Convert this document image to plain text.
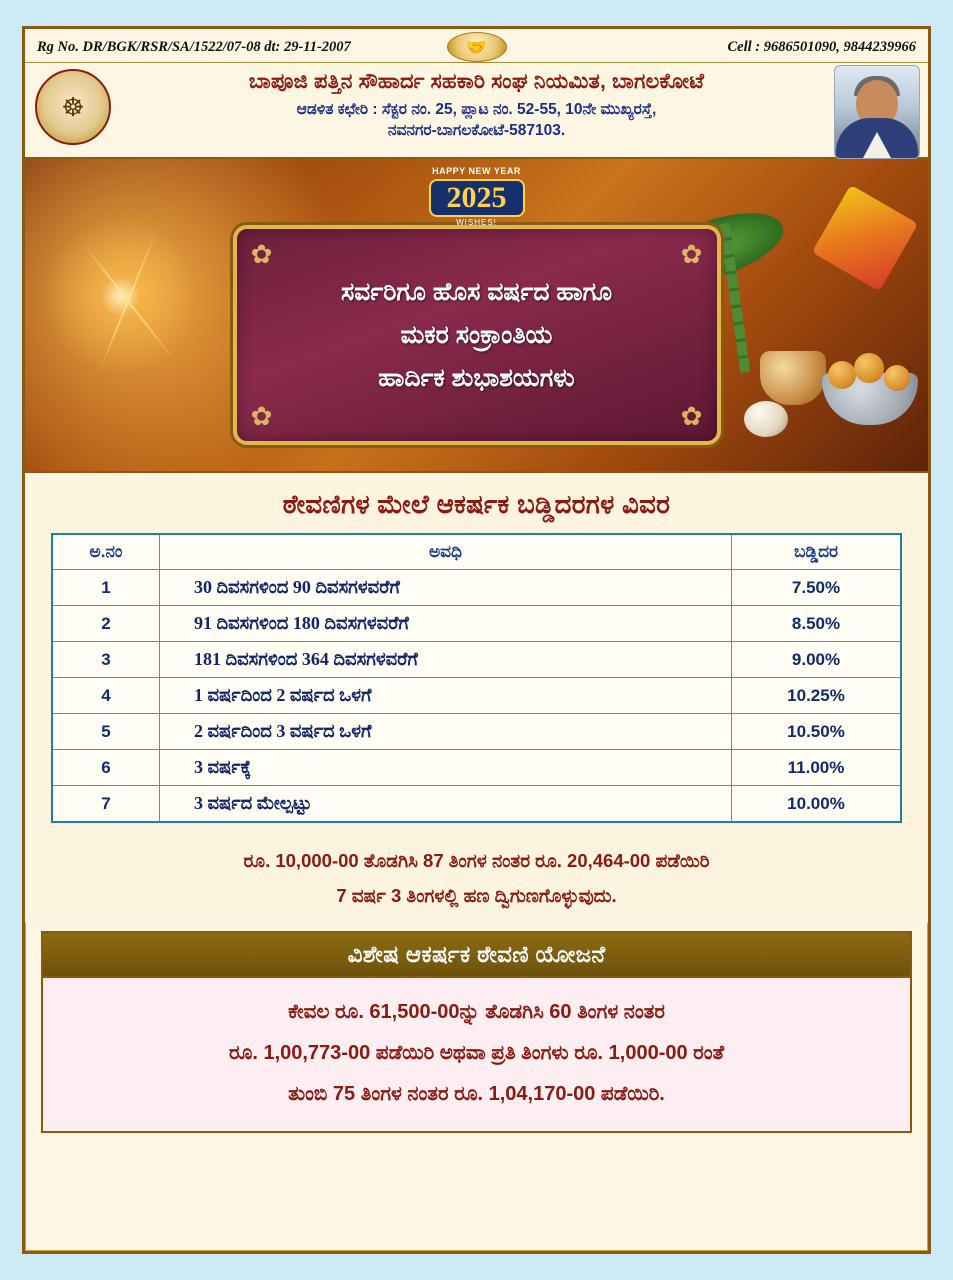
Rg No. DR/BGK/RSR/SA/1522/07-08 dt: 29-11-2007	🤝	Cell : 9686501090, 9844239966
☸
ಬಾಪೂಜಿ ಪತ್ತಿನ ಸೌಹಾರ್ದ ಸಹಕಾರಿ ಸಂಘ ನಿಯಮಿತ, ಬಾಗಲಕೋಟೆ
ಆಡಳಿತ ಕಛೇರಿ : ಸೆಕ್ಟರ ನಂ. 25, ಪ್ಲಾಟ ನಂ. 52-55, 10ನೇ ಮುಖ್ಯರಸ್ತೆ,
ನವನಗರ-ಬಾಗಲಕೋಟೆ-587103.
HAPPY NEW YEAR
2025
WISHES!
✿	✿
✿	✿
ಸರ್ವರಿಗೂ ಹೊಸ ವರ್ಷದ ಹಾಗೂ
ಮಕರ ಸಂಕ್ರಾಂತಿಯ
ಹಾರ್ದಿಕ ಶುಭಾಶಯಗಳು
ಠೇವಣಿಗಳ ಮೇಲೆ ಆಕರ್ಷಕ ಬಡ್ಡಿದರಗಳ ವಿವರ
ಅ.ನಂ	ಅವಧಿ	ಬಡ್ಡಿದರ
1	30 ದಿವಸಗಳಿಂದ 90 ದಿವಸಗಳವರೆಗೆ	7.50%
2	91 ದಿವಸಗಳಿಂದ 180 ದಿವಸಗಳವರೆಗೆ	8.50%
3	181 ದಿವಸಗಳಿಂದ 364 ದಿವಸಗಳವರೆಗೆ	9.00%
4	1 ವರ್ಷದಿಂದ 2 ವರ್ಷದ ಒಳಗೆ	10.25%
5	2 ವರ್ಷದಿಂದ 3 ವರ್ಷದ ಒಳಗೆ	10.50%
6	3 ವರ್ಷಕ್ಕೆ	11.00%
7	3 ವರ್ಷದ ಮೇಲ್ಪಟ್ಟು	10.00%
ರೂ. 10,000-00 ತೊಡಗಿಸಿ 87 ತಿಂಗಳ ನಂತರ ರೂ. 20,464-00 ಪಡೆಯಿರಿ
7 ವರ್ಷ 3 ತಿಂಗಳಲ್ಲಿ ಹಣ ದ್ವಿಗುಣಗೊಳ್ಳುವುದು.
ವಿಶೇಷ ಆಕರ್ಷಕ ಠೇವಣಿ ಯೋಜನೆ
ಕೇವಲ ರೂ. 61,500-00ನ್ನು ತೊಡಗಿಸಿ 60 ತಿಂಗಳ ನಂತರ
ರೂ. 1,00,773-00 ಪಡೆಯಿರಿ ಅಥವಾ ಪ್ರತಿ ತಿಂಗಳು ರೂ. 1,000-00 ರಂತೆ
ತುಂಬಿ 75 ತಿಂಗಳ ನಂತರ ರೂ. 1,04,170-00 ಪಡೆಯಿರಿ.
